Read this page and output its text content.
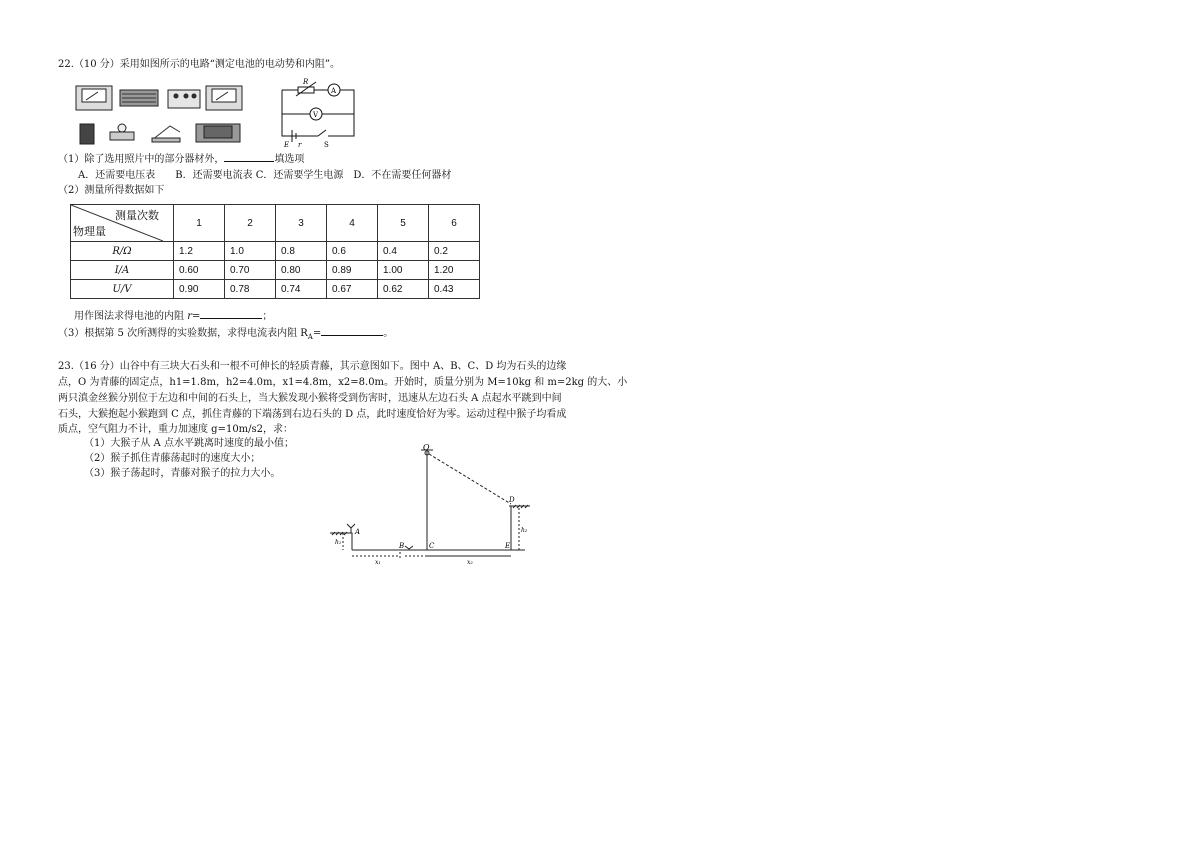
22.（10 分）采用如图所示的电路“测定电池的电动势和内阻”。
R
A
V
E r	S
（1）除了选用照片中的部分器材外，	填选项
A．还需要电压表　　B．还需要电流表 C．还需要学生电源　D．不在需要任何器材
（2）测量所得数据如下
测量次数
物理量	1	2	3	4	5	6
R/Ω	1.2	1.0	0.8	0.6	0.4	0.2
I/A	0.60	0.70	0.80	0.89	1.00	1.20
U/V	0.90	0.78	0.74	0.67	0.62	0.43
用作图法求得电池的内阻 r=	；
（3）根据第 5 次所测得的实验数据，求得电流表内阻 $R_A=$	。
23.（16 分）山谷中有三块大石头和一根不可伸长的轻质青藤，其示意图如下。图中 A、B、C、D 均为石头的边缘
点，O 为青藤的固定点，h1=1.8m，h2=4.0m，x1=4.8m，x2=8.0m。开始时，质量分别为 M=10kg 和 m=2kg 的大、小
两只滇金丝猴分别位于左边和中间的石头上，当大猴发现小猴将受到伤害时，迅速从左边石头 A 点起水平跳到中间
石头，大猴抱起小猴跑到 C 点，抓住青藤的下端荡到右边石头的 D 点，此时速度恰好为零。运动过程中猴子均看成
质点，空气阻力不计，重力加速度 g=10m/s2，求：
（1）大猴子从 A 点水平跳离时速度的最小值；
（2）猴子抓住青藤荡起时的速度大小；
（3）猴子荡起时，青藤对猴子的拉力大小。
O
A
B	C
D
E
h₁
h₂
x₁	x₂
